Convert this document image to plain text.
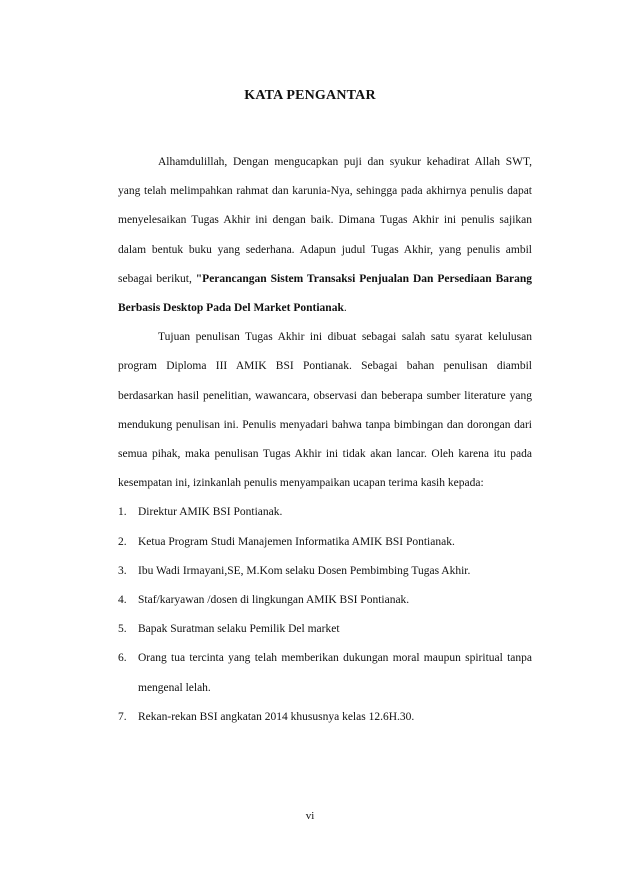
KATA PENGANTAR

Alhamdulillah, Dengan mengucapkan puji dan syukur kehadirat Allah SWT, yang telah melimpahkan rahmat dan karunia-Nya, sehingga pada akhirnya penulis dapat menyelesaikan Tugas Akhir ini dengan baik. Dimana Tugas Akhir ini penulis sajikan dalam bentuk buku yang sederhana. Adapun judul Tugas Akhir, yang penulis ambil sebagai berikut, "Perancangan Sistem Transaksi Penjualan Dan Persediaan Barang Berbasis Desktop Pada Del Market Pontianak.

Tujuan penulisan Tugas Akhir ini dibuat sebagai salah satu syarat kelulusan program Diploma III AMIK BSI Pontianak. Sebagai bahan penulisan diambil berdasarkan hasil penelitian, wawancara, observasi dan beberapa sumber literature yang mendukung penulisan ini. Penulis menyadari bahwa tanpa bimbingan dan dorongan dari semua pihak, maka penulisan Tugas Akhir ini tidak akan lancar. Oleh karena itu pada kesempatan ini, izinkanlah penulis menyampaikan ucapan terima kasih kepada:

1. Direktur AMIK BSI Pontianak.
2. Ketua Program Studi Manajemen Informatika AMIK BSI Pontianak.
3. Ibu Wadi Irmayani,SE, M.Kom selaku Dosen Pembimbing Tugas Akhir.
4. Staf/karyawan /dosen di lingkungan AMIK BSI Pontianak.
5. Bapak Suratman selaku Pemilik Del market
6. Orang tua tercinta yang telah memberikan dukungan moral maupun spiritual tanpa mengenal lelah.
7. Rekan-rekan BSI angkatan 2014 khususnya kelas 12.6H.30.
vi
